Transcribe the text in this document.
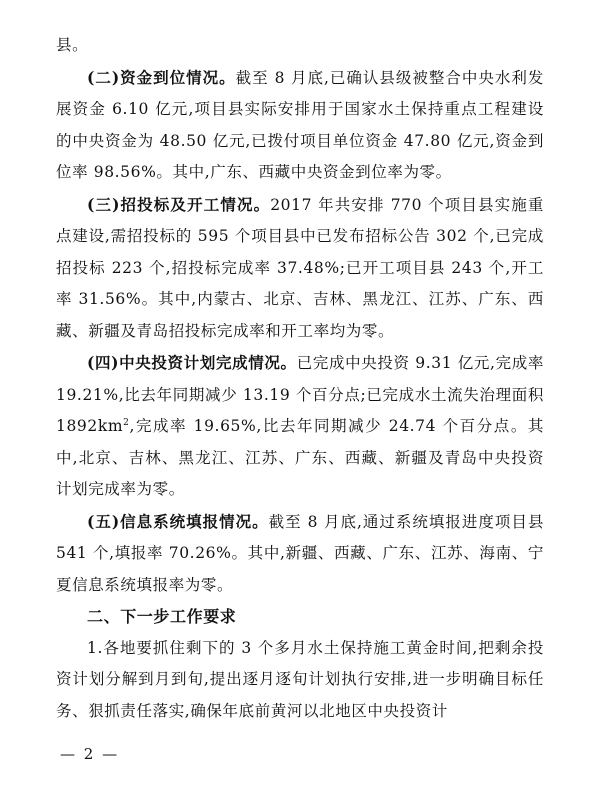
县。

(二)资金到位情况。截至 8 月底,已确认县级被整合中央水利发展资金 6.10 亿元,项目县实际安排用于国家水土保持重点工程建设的中央资金为 48.50 亿元,已拨付项目单位资金 47.80 亿元,资金到位率 98.56%。其中,广东、西藏中央资金到位率为零。

(三)招投标及开工情况。2017 年共安排 770 个项目县实施重点建设,需招投标的 595 个项目县中已发布招标公告 302 个,已完成招投标 223 个,招投标完成率 37.48%;已开工项目县 243 个,开工率 31.56%。其中,内蒙古、北京、吉林、黑龙江、江苏、广东、西藏、新疆及青岛招投标完成率和开工率均为零。

(四)中央投资计划完成情况。已完成中央投资 9.31 亿元,完成率 19.21%,比去年同期减少 13.19 个百分点;已完成水土流失治理面积 $1892km^2$,完成率 19.65%,比去年同期减少 24.74 个百分点。其中,北京、吉林、黑龙江、江苏、广东、西藏、新疆及青岛中央投资计划完成率为零。

(五)信息系统填报情况。截至 8 月底,通过系统填报进度项目县 541 个,填报率 70.26%。其中,新疆、西藏、广东、江苏、海南、宁夏信息系统填报率为零。

二、下一步工作要求

1.各地要抓住剩下的 3 个多月水土保持施工黄金时间,把剩余投资计划分解到月到旬,提出逐月逐旬计划执行安排,进一步明确目标任务、狠抓责任落实,确保年底前黄河以北地区中央投资计

— 2 —
